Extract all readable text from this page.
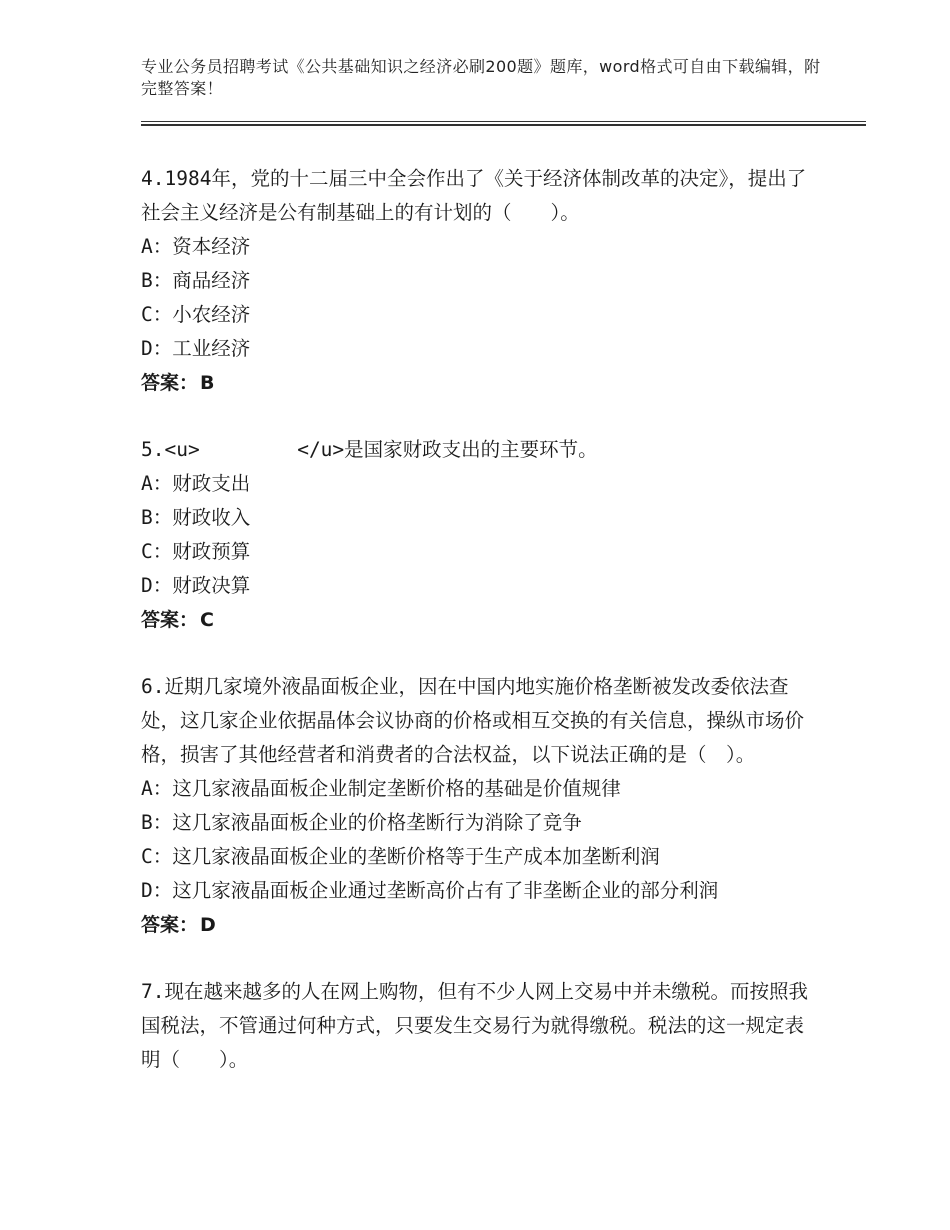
专业公务员招聘考试《公共基础知识之经济必刷200题》题库，word格式可自由下载编辑，附完整答案！

4.1984年，党的十二届三中全会作出了《关于经济体制改革的决定》，提出了社会主义经济是公有制基础上的有计划的（　　）。

A：资本经济

B：商品经济

C：小农经济

D：工业经济

答案： B

5.<u>　　　　　</u>是国家财政支出的主要环节。

A：财政支出

B：财政收入

C：财政预算

D：财政决算

答案： C

6.近期几家境外液晶面板企业，因在中国内地实施价格垄断被发改委依法查处，这几家企业依据晶体会议协商的价格或相互交换的有关信息，操纵市场价格，损害了其他经营者和消费者的合法权益，以下说法正确的是（　）。

A：这几家液晶面板企业制定垄断价格的基础是价值规律

B：这几家液晶面板企业的价格垄断行为消除了竞争

C：这几家液晶面板企业的垄断价格等于生产成本加垄断利润

D：这几家液晶面板企业通过垄断高价占有了非垄断企业的部分利润

答案： D

7.现在越来越多的人在网上购物，但有不少人网上交易中并未缴税。而按照我国税法，不管通过何种方式，只要发生交易行为就得缴税。税法的这一规定表明（　　）。
